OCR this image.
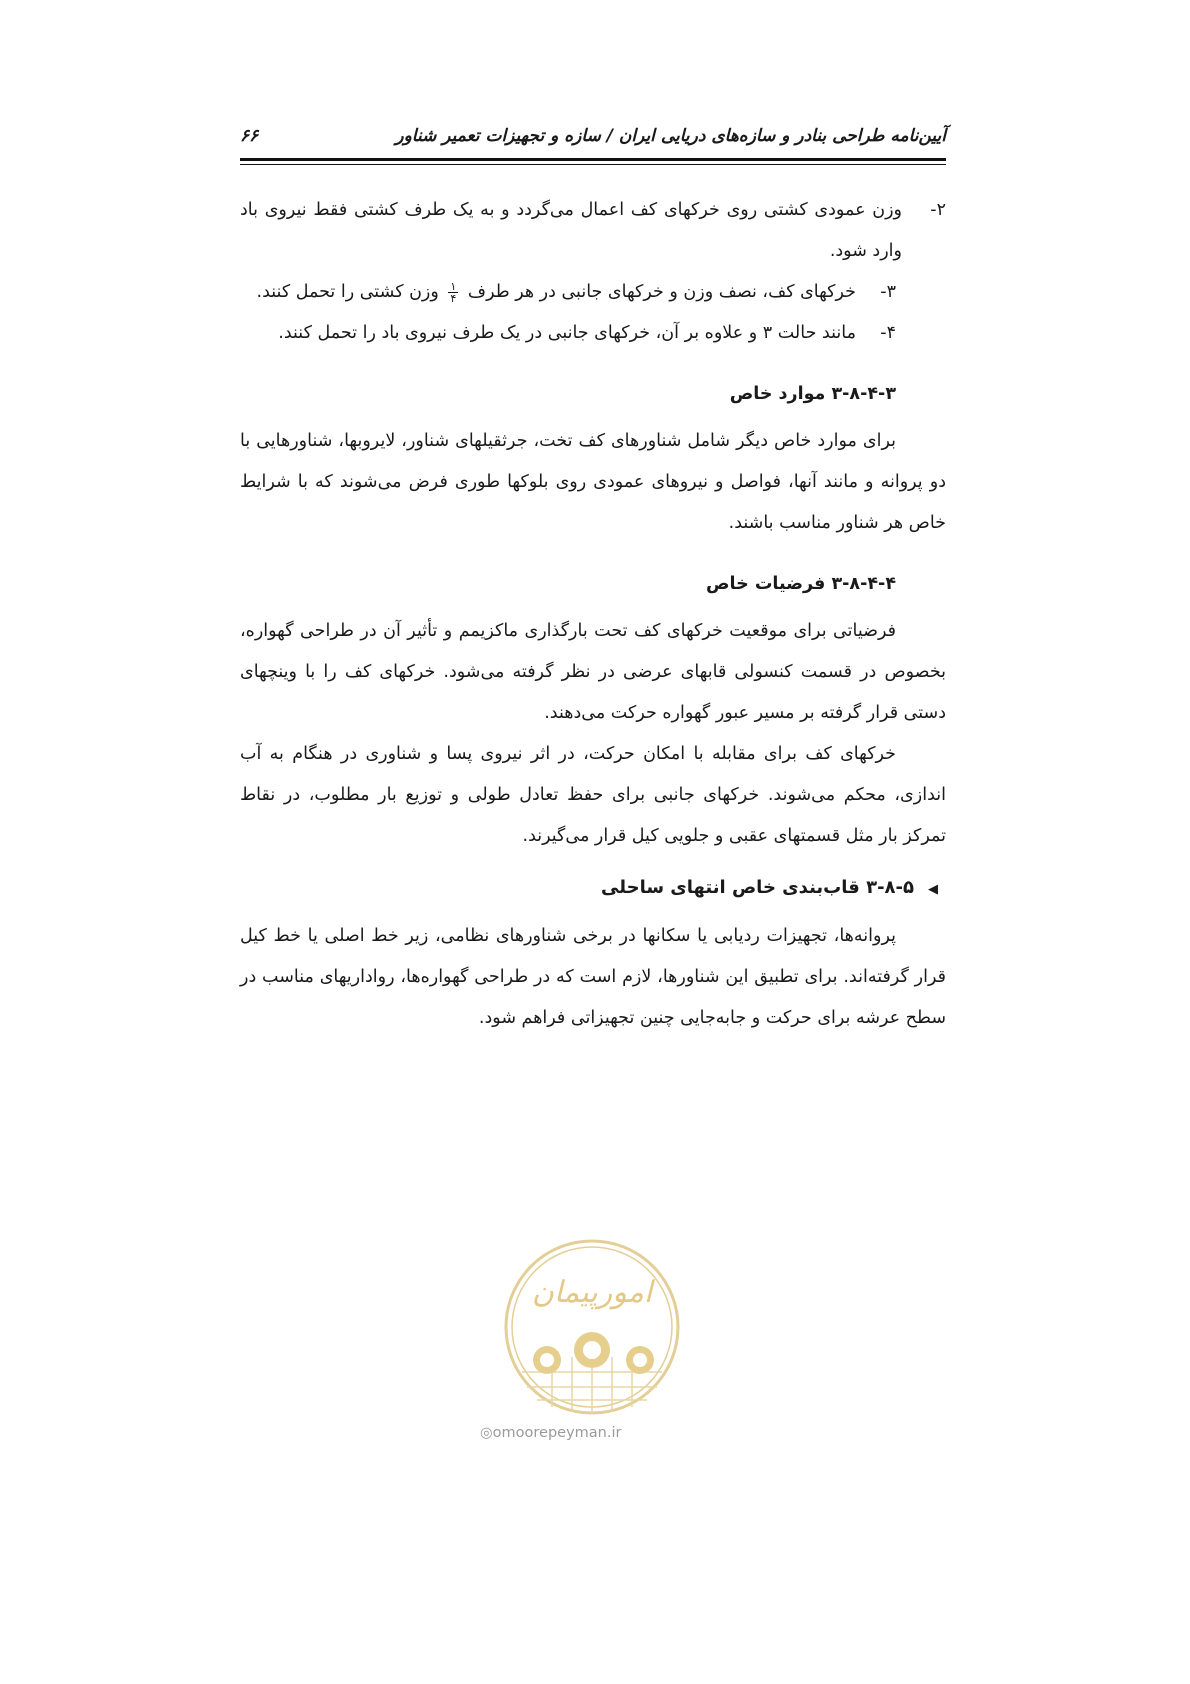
آیین‌نامه طراحی بنادر و سازه‌های دریایی ایران / سازه و تجهیزات تعمیر شناور
۶۶
۲-
وزن عمودی کشتی روی خرکهای کف اعمال می‌گردد و به یک طرف کشتی فقط نیروی باد وارد شود.
۳-
خرکهای کف، نصف وزن و خرکهای جانبی در هر طرف
$\frac{۱}{۴}$
وزن کشتی را تحمل کنند.
۴-
مانند حالت ۳ و علاوه بر آن، خرکهای جانبی در یک طرف نیروی باد را تحمل کنند.
۳-۸-۴-۳ موارد خاص

برای موارد خاص دیگر شامل شناورهای کف تخت، جرثقیلهای شناور، لایروبها، شناورهایی با دو پروانه و مانند آنها، فواصل و نیروهای عمودی روی بلوکها طوری فرض می‌شوند که با شرایط خاص هر شناور مناسب باشند.

۳-۸-۴-۴ فرضیات خاص

فرضیاتی برای موقعیت خرکهای کف تحت بارگذاری ماکزیمم و تأثیر آن در طراحی گهواره، بخصوص در قسمت کنسولی قابهای عرضی در نظر گرفته می‌شود. خرکهای کف را با وینچهای دستی قرار گرفته بر مسیر عبور گهواره حرکت می‌دهند.

خرکهای کف برای مقابله با امکان حرکت، در اثر نیروی پسا و شناوری در هنگام به آب اندازی، محکم می‌شوند. خرکهای جانبی برای حفظ تعادل طولی و توزیع بار مطلوب، در نقاط تمرکز بار مثل قسمتهای عقبی و جلویی کیل قرار می‌گیرند.

◀۳-۸-۵ قاب‌بندی خاص انتهای ساحلی

پروانه‌ها، تجهیزات ردیابی یا سکانها در برخی شناورهای نظامی، زیر خط اصلی یا خط کیل قرار گرفته‌اند. برای تطبیق این شناورها، لازم است که در طراحی گهواره‌ها، رواداریهای مناسب در سطح عرشه برای حرکت و جابه‌جایی چنین تجهیزاتی فراهم شود.

امورپیمان
◎omoorepeyman.ir
